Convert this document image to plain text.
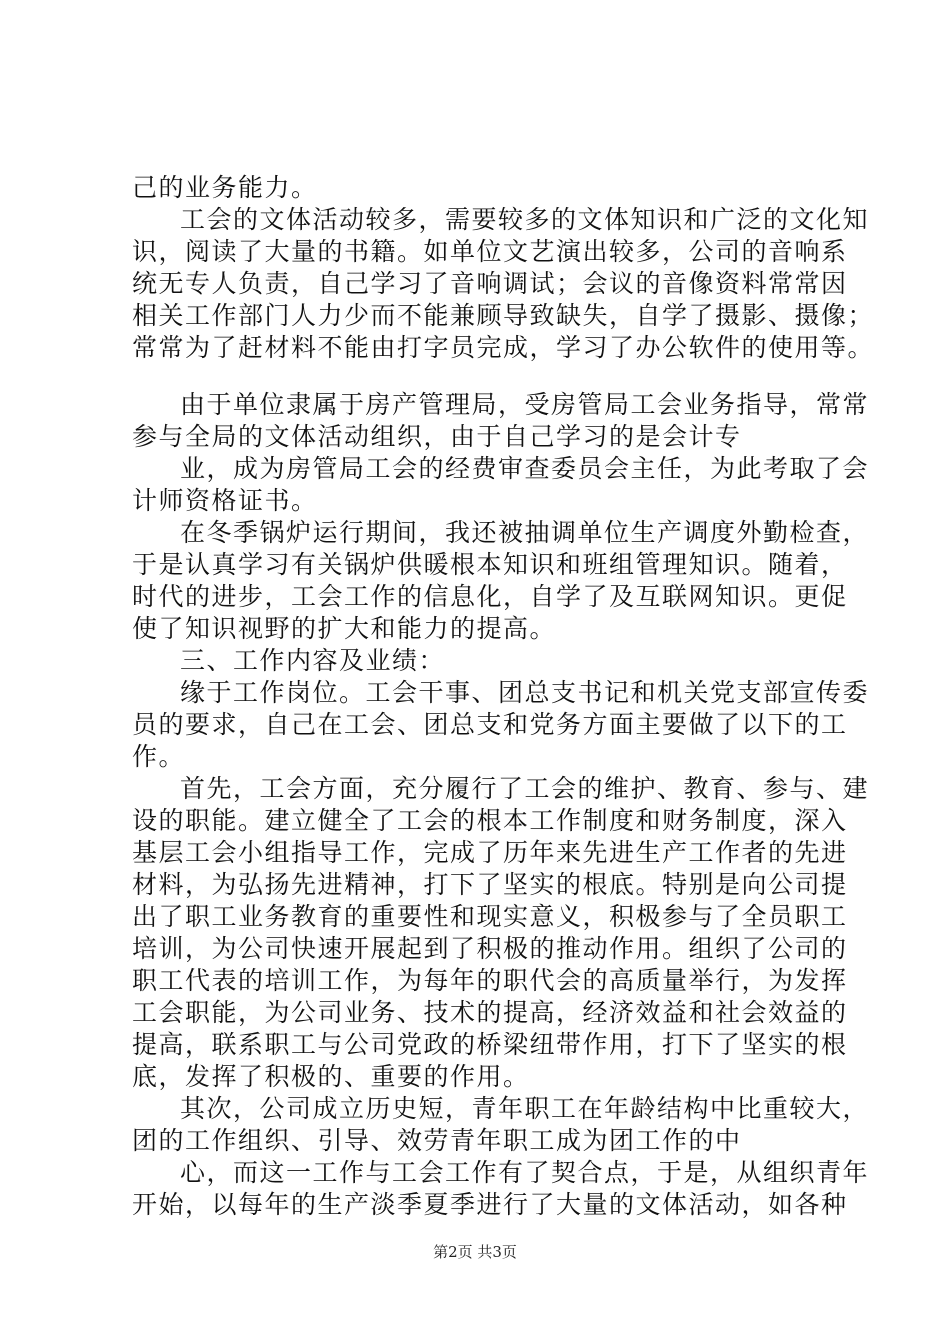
己的业务能力。
工会的文体活动较多，需要较多的文体知识和广泛的文化知
识，阅读了大量的书籍。如单位文艺演出较多，公司的音响系
统无专人负责，自己学习了音响调试；会议的音像资料常常因
相关工作部门人力少而不能兼顾导致缺失，自学了摄影、摄像；
常常为了赶材料不能由打字员完成，学习了办公软件的使用等。
由于单位隶属于房产管理局，受房管局工会业务指导，常常
参与全局的文体活动组织，由于自己学习的是会计专
业，成为房管局工会的经费审查委员会主任，为此考取了会
计师资格证书。
在冬季锅炉运行期间，我还被抽调单位生产调度外勤检查，
于是认真学习有关锅炉供暖根本知识和班组管理知识。随着，
时代的进步，工会工作的信息化，自学了及互联网知识。更促
使了知识视野的扩大和能力的提高。
三、工作内容及业绩：
缘于工作岗位。工会干事、团总支书记和机关党支部宣传委
员的要求，自己在工会、团总支和党务方面主要做了以下的工
作。
首先，工会方面，充分履行了工会的维护、教育、参与、建
设的职能。建立健全了工会的根本工作制度和财务制度，深入
基层工会小组指导工作，完成了历年来先进生产工作者的先进
材料，为弘扬先进精神，打下了坚实的根底。特别是向公司提
出了职工业务教育的重要性和现实意义，积极参与了全员职工
培训，为公司快速开展起到了积极的推动作用。组织了公司的
职工代表的培训工作，为每年的职代会的高质量举行，为发挥
工会职能，为公司业务、技术的提高，经济效益和社会效益的
提高，联系职工与公司党政的桥梁纽带作用，打下了坚实的根
底，发挥了积极的、重要的作用。
其次，公司成立历史短，青年职工在年龄结构中比重较大，
团的工作组织、引导、效劳青年职工成为团工作的中
心，而这一工作与工会工作有了契合点，于是，从组织青年
开始，以每年的生产淡季夏季进行了大量的文体活动，如各种
第2页 共3页
